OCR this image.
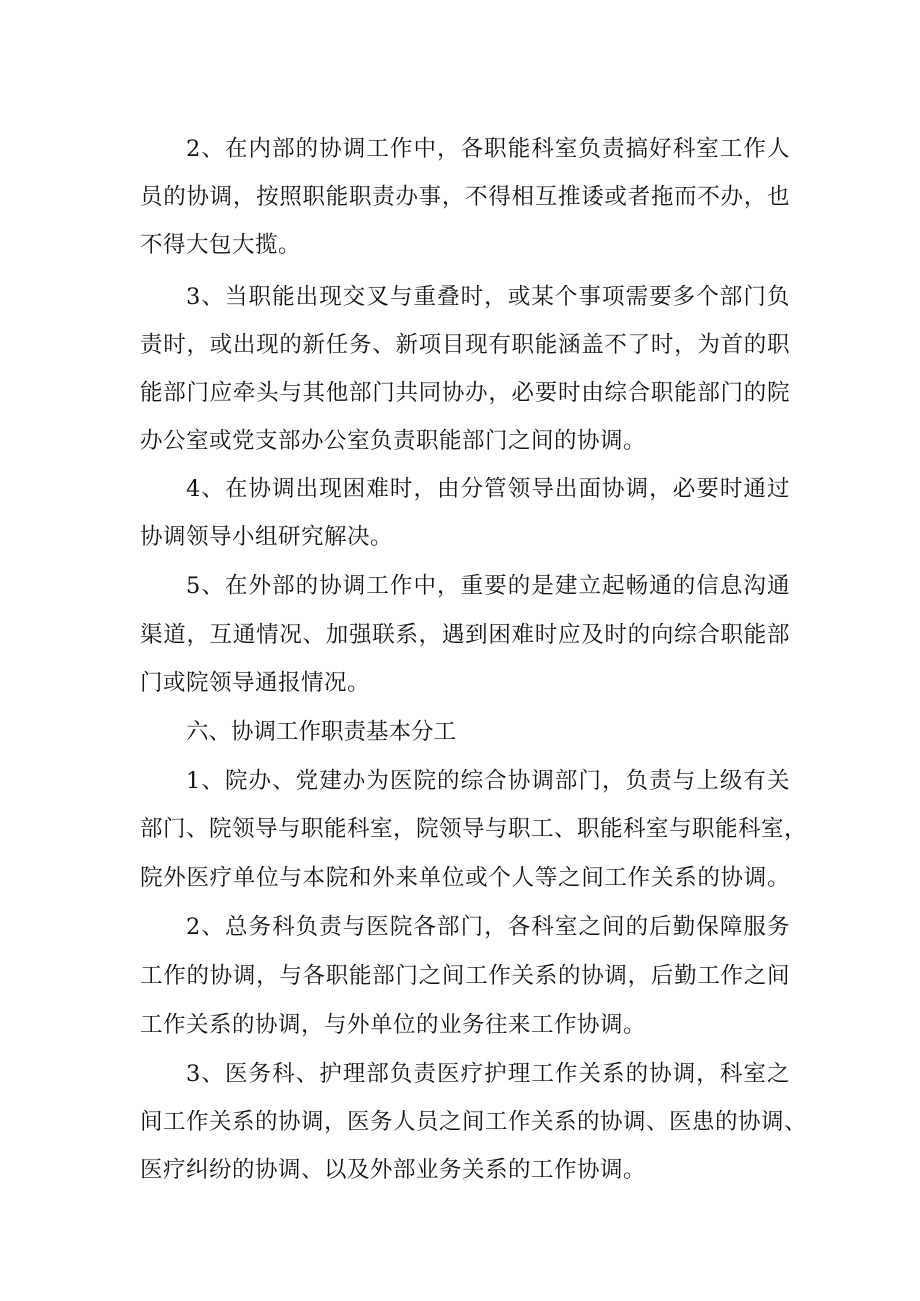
2、在内部的协调工作中，各职能科室负责搞好科室工作人
员的协调，按照职能职责办事，不得相互推诿或者拖而不办，也
不得大包大揽。
3、当职能出现交叉与重叠时，或某个事项需要多个部门负
责时，或出现的新任务、新项目现有职能涵盖不了时，为首的职
能部门应牵头与其他部门共同协办，必要时由综合职能部门的院
办公室或党支部办公室负责职能部门之间的协调。
4、在协调出现困难时，由分管领导出面协调，必要时通过
协调领导小组研究解决。
5、在外部的协调工作中，重要的是建立起畅通的信息沟通
渠道，互通情况、加强联系，遇到困难时应及时的向综合职能部
门或院领导通报情况。
六、协调工作职责基本分工
1、院办、党建办为医院的综合协调部门，负责与上级有关
部门、院领导与职能科室，院领导与职工、职能科室与职能科室，
院外医疗单位与本院和外来单位或个人等之间工作关系的协调。
2、总务科负责与医院各部门，各科室之间的后勤保障服务
工作的协调，与各职能部门之间工作关系的协调，后勤工作之间
工作关系的协调，与外单位的业务往来工作协调。
3、医务科、护理部负责医疗护理工作关系的协调，科室之
间工作关系的协调，医务人员之间工作关系的协调、医患的协调、
医疗纠纷的协调、以及外部业务关系的工作协调。
